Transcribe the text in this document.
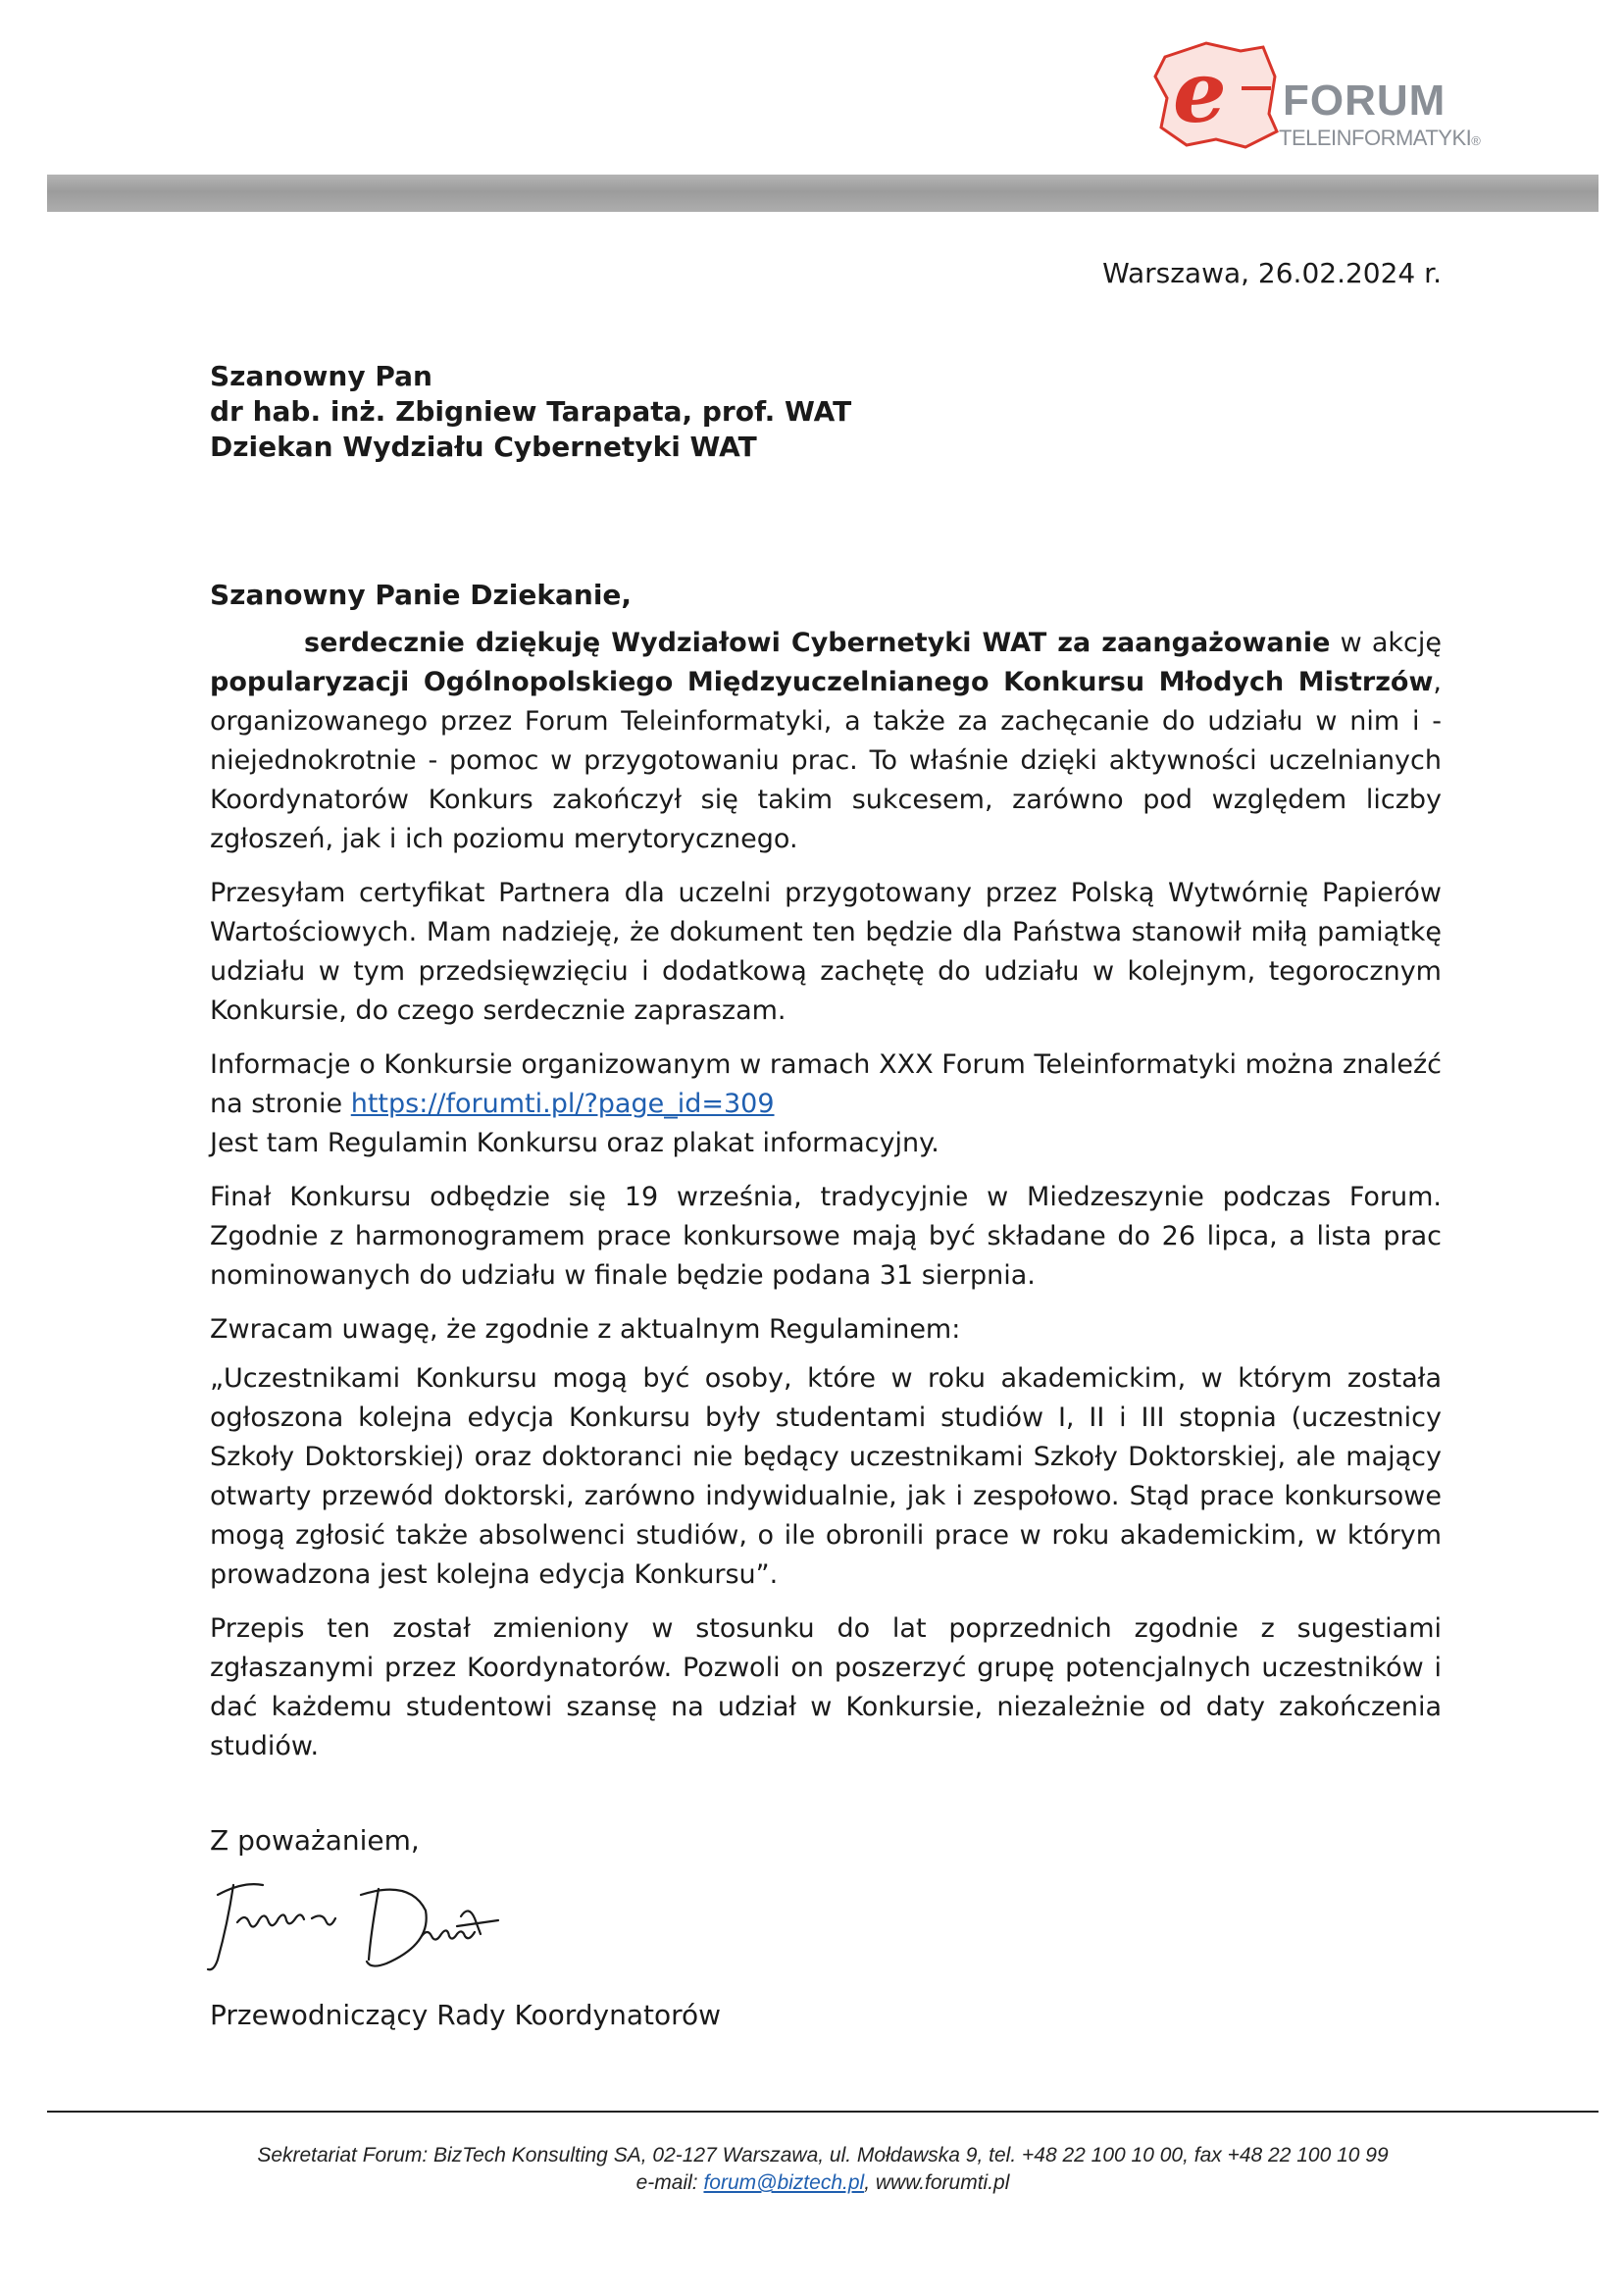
e FORUM
TELEINFORMATYKI®
Warszawa, 26.02.2024 r.
Szanowny Pan
dr hab. inż. Zbigniew Tarapata, prof. WAT
Dziekan Wydziału Cybernetyki WAT
Szanowny Panie Dziekanie,

serdecznie dziękuję Wydziałowi Cybernetyki WAT za zaangażowanie w akcję popularyzacji Ogólnopolskiego Międzyuczelnianego Konkursu Młodych Mistrzów, organizowanego przez Forum Teleinformatyki, a także za zachęcanie do udziału w nim i - niejednokrotnie - pomoc w przygotowaniu prac. To właśnie dzięki aktywności uczelnianych Koordynatorów Konkurs zakończył się takim sukcesem, zarówno pod względem liczby zgłoszeń, jak i ich poziomu merytorycznego.

Przesyłam certyfikat Partnera dla uczelni przygotowany przez Polską Wytwórnię Papierów Wartościowych. Mam nadzieję, że dokument ten będzie dla Państwa stanowił miłą pamiątkę udziału w tym przedsięwzięciu i dodatkową zachętę do udziału w kolejnym, tegorocznym Konkursie, do czego serdecznie zapraszam.

Informacje o Konkursie organizowanym w ramach XXX Forum Teleinformatyki można znaleźć na stronie https://forumti.pl/?page_id=309
Jest tam Regulamin Konkursu oraz plakat informacyjny.

Finał Konkursu odbędzie się 19 września, tradycyjnie w Miedzeszynie podczas Forum. Zgodnie z harmonogramem prace konkursowe mają być składane do 26 lipca, a lista prac nominowanych do udziału w finale będzie podana 31 sierpnia.

Zwracam uwagę, że zgodnie z aktualnym Regulaminem:

„Uczestnikami Konkursu mogą być osoby, które w roku akademickim, w którym została ogłoszona kolejna edycja Konkursu były studentami studiów I, II i III stopnia (uczestnicy Szkoły Doktorskiej) oraz doktoranci nie będący uczestnikami Szkoły Doktorskiej, ale mający otwarty przewód doktorski, zarówno indywidualnie, jak i zespołowo. Stąd prace konkursowe mogą zgłosić także absolwenci studiów, o ile obronili prace w roku akademickim, w którym prowadzona jest kolejna edycja Konkursu”.

Przepis ten został zmieniony w stosunku do lat poprzednich zgodnie z sugestiami zgłaszanymi przez Koordynatorów. Pozwoli on poszerzyć grupę potencjalnych uczestników i dać każdemu studentowi szansę na udział w Konkursie, niezależnie od daty zakończenia studiów.

Z poważaniem,
Przewodniczący Rady Koordynatorów
Sekretariat Forum: BizTech Konsulting SA, 02-127 Warszawa, ul. Mołdawska 9, tel. +48 22 100 10 00, fax +48 22 100 10 99
e-mail: forum@biztech.pl, www.forumti.pl
